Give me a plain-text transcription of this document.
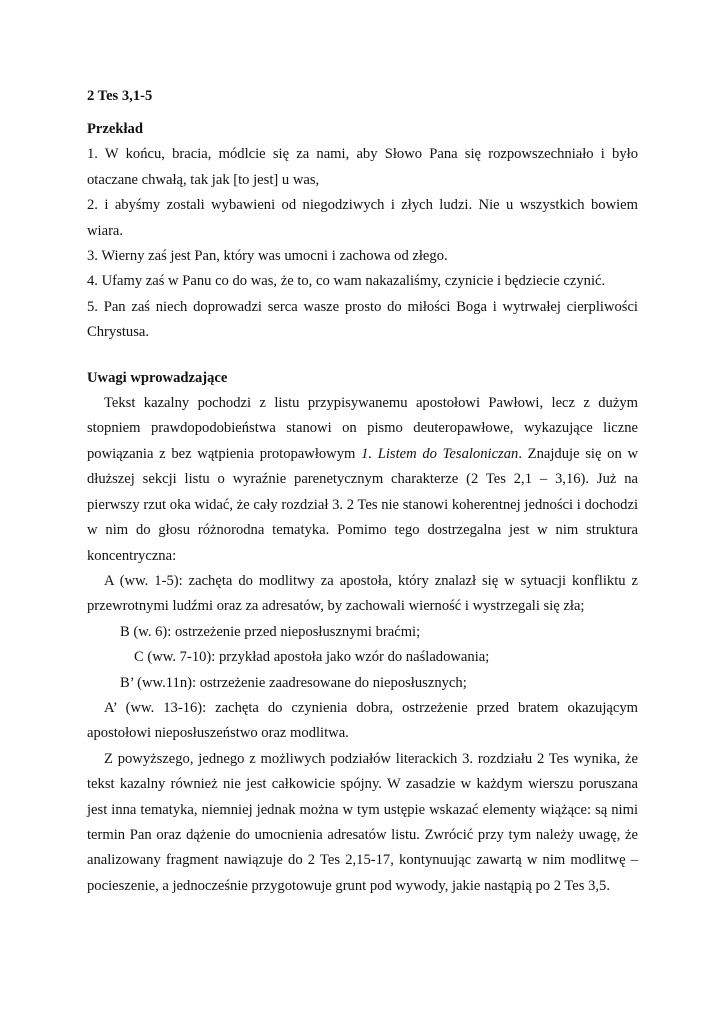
2 Tes 3,1-5

Przekład

1. W końcu, bracia, módlcie się za nami, aby Słowo Pana się rozpowszechniało i było otaczane chwałą, tak jak [to jest] u was,

2. i abyśmy zostali wybawieni od niegodziwych i złych ludzi. Nie u wszystkich bowiem wiara.

3. Wierny zaś jest Pan, który was umocni i zachowa od złego.

4. Ufamy zaś w Panu co do was, że to, co wam nakazaliśmy, czynicie i będziecie czynić.

5. Pan zaś niech doprowadzi serca wasze prosto do miłości Boga i wytrwałej cierpliwości Chrystusa.

Uwagi wprowadzające

Tekst kazalny pochodzi z listu przypisywanemu apostołowi Pawłowi, lecz z dużym stopniem prawdopodobieństwa stanowi on pismo deuteropawłowe, wykazujące liczne powiązania z bez wątpienia protopawłowym 1. Listem do Tesaloniczan. Znajduje się on w dłuższej sekcji listu o wyraźnie parenetycznym charakterze (2 Tes 2,1 – 3,16). Już na pierwszy rzut oka widać, że cały rozdział 3. 2 Tes nie stanowi koherentnej jedności i dochodzi w nim do głosu różnorodna tematyka. Pomimo tego dostrzegalna jest w nim struktura koncentryczna:

A (ww. 1-5): zachęta do modlitwy za apostoła, który znalazł się w sytuacji konfliktu z przewrotnymi ludźmi oraz za adresatów, by zachowali wierność i wystrzegali się zła;

B (w. 6): ostrzeżenie przed nieposłusznymi braćmi;

C (ww. 7-10): przykład apostoła jako wzór do naśladowania;

B’ (ww.11n): ostrzeżenie zaadresowane do nieposłusznych;

A’ (ww. 13-16): zachęta do czynienia dobra, ostrzeżenie przed bratem okazującym apostołowi nieposłuszeństwo oraz modlitwa.

Z powyższego, jednego z możliwych podziałów literackich 3. rozdziału 2 Tes wynika, że tekst kazalny również nie jest całkowicie spójny. W zasadzie w każdym wierszu poruszana jest inna tematyka, niemniej jednak można w tym ustępie wskazać elementy wiążące: są nimi termin Pan oraz dążenie do umocnienia adresatów listu. Zwrócić przy tym należy uwagę, że analizowany fragment nawiązuje do 2 Tes 2,15-17, kontynuując zawartą w nim modlitwę – pocieszenie, a jednocześnie przygotowuje grunt pod wywody, jakie nastąpią po 2 Tes 3,5.
